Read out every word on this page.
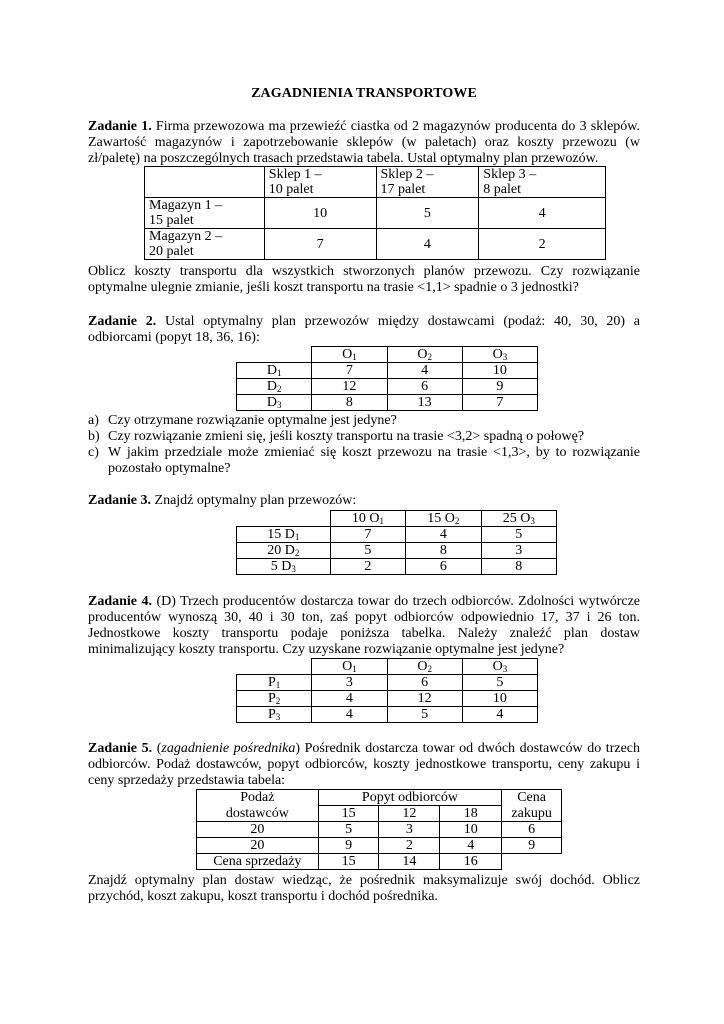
ZAGADNIENIA TRANSPORTOWE
Zadanie 1. Firma przewozowa ma przewieźć ciastka od 2 magazynów producenta do 3 sklepów.
Zawartość magazynów i zapotrzebowanie sklepów (w paletach) oraz koszty przewozu (w
zł/paletę) na poszczególnych trasach przedstawia tabela. Ustal optymalny plan przewozów.
	Sklep 1 –
10 palet	Sklep 2 –
17 palet	Sklep 3 –
8 palet
Magazyn 1 –
15 palet	10	5	4
Magazyn 2 –
20 palet	7	4	2
Oblicz koszty transportu dla wszystkich stworzonych planów przewozu. Czy rozwiązanie
optymalne ulegnie zmianie, jeśli koszt transportu na trasie <1,1> spadnie o 3 jednostki?
Zadanie 2. Ustal optymalny plan przewozów między dostawcami (podaż: 40, 30, 20) a
odbiorcami (popyt 18, 36, 16):
	$O_1$	$O_2$	$O_3$
$D_1$	7	4	10
$D_2$	12	6	9
$D_3$	8	13	7
a) Czy otrzymane rozwiązanie optymalne jest jedyne?
b) Czy rozwiązanie zmieni się, jeśli koszty transportu na trasie <3,2> spadną o połowę?
c) W jakim przedziale może zmieniać się koszt przewozu na trasie <1,3>, by to rozwiązanie
pozostało optymalne?
Zadanie 3. Znajdź optymalny plan przewozów:
	10 $O_1$	15 $O_2$	25 $O_3$
15 $D_1$	7	4	5
20 $D_2$	5	8	3
5 $D_3$	2	6	8
Zadanie 4. (D) Trzech producentów dostarcza towar do trzech odbiorców. Zdolności wytwórcze
producentów wynoszą 30, 40 i 30 ton, zaś popyt odbiorców odpowiednio 17, 37 i 26 ton.
Jednostkowe koszty transportu podaje poniższa tabelka. Należy znaleźć plan dostaw
minimalizujący koszty transportu. Czy uzyskane rozwiązanie optymalne jest jedyne?
	$O_1$	$O_2$	$O_3$
$P_1$	3	6	5
$P_2$	4	12	10
$P_3$	4	5	4
Zadanie 5. (zagadnienie pośrednika) Pośrednik dostarcza towar od dwóch dostawców do trzech
odbiorców. Podaż dostawców, popyt odbiorców, koszty jednostkowe transportu, ceny zakupu i
ceny sprzedaży przedstawia tabela:
Podaż	Popyt odbiorców			Cena
dostawców	15	12	18	zakupu
20	5	3	10	6
20	9	2	4	9
Cena sprzedaży	15	14	16	
Znajdź optymalny plan dostaw wiedząc, że pośrednik maksymalizuje swój dochód. Oblicz
przychód, koszt zakupu, koszt transportu i dochód pośrednika.
